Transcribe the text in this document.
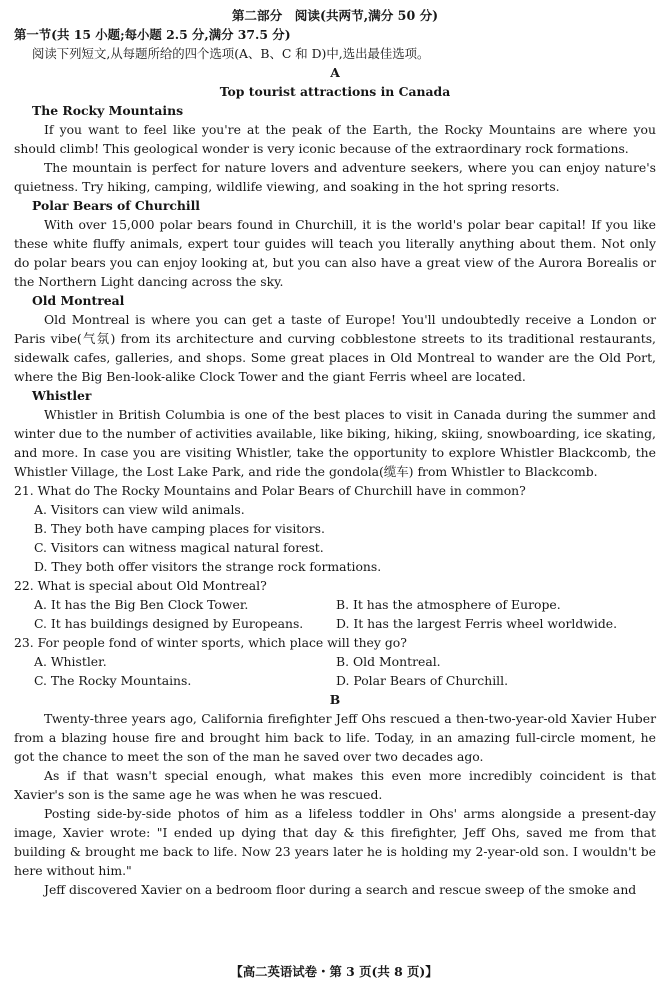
第二部分　阅读(共两节,满分 50 分)
第一节(共 15 小题;每小题 2.5 分,满分 37.5 分)
阅读下列短文,从每题所给的四个选项(A、B、C 和 D)中,选出最佳选项。
A
Top tourist attractions in Canada
The Rocky Mountains

If you want to feel like you're at the peak of the Earth, the Rocky Mountains are where you should climb! This geological wonder is very iconic because of the extraordinary rock formations.

The mountain is perfect for nature lovers and adventure seekers, where you can enjoy nature's quietness. Try hiking, camping, wildlife viewing, and soaking in the hot spring resorts.

Polar Bears of Churchill

With over 15,000 polar bears found in Churchill, it is the world's polar bear capital! If you like these white fluffy animals, expert tour guides will teach you literally anything about them. Not only do polar bears you can enjoy looking at, but you can also have a great view of the Aurora Borealis or the Northern Light dancing across the sky.

Old Montreal

Old Montreal is where you can get a taste of Europe! You'll undoubtedly receive a London or Paris vibe(气氛) from its architecture and curving cobblestone streets to its traditional restaurants, sidewalk cafes, galleries, and shops. Some great places in Old Montreal to wander are the Old Port, where the Big Ben-look-alike Clock Tower and the giant Ferris wheel are located.

Whistler

Whistler in British Columbia is one of the best places to visit in Canada during the summer and winter due to the number of activities available, like biking, hiking, skiing, snowboarding, ice skating, and more. In case you are visiting Whistler, take the opportunity to explore Whistler Blackcomb, the Whistler Village, the Lost Lake Park, and ride the gondola(缆车) from Whistler to Blackcomb.

21. What do The Rocky Mountains and Polar Bears of Churchill have in common?
A. Visitors can view wild animals.
B. They both have camping places for visitors.
C. Visitors can witness magical natural forest.
D. They both offer visitors the strange rock formations.
22. What is special about Old Montreal?
A. It has the Big Ben Clock Tower.	B. It has the atmosphere of Europe.
C. It has buildings designed by Europeans.	D. It has the largest Ferris wheel worldwide.
23. For people fond of winter sports, which place will they go?
A. Whistler.	B. Old Montreal.
C. The Rocky Mountains.	D. Polar Bears of Churchill.
B

Twenty-three years ago, California firefighter Jeff Ohs rescued a then-two-year-old Xavier Huber from a blazing house fire and brought him back to life. Today, in an amazing full-circle moment, he got the chance to meet the son of the man he saved over two decades ago.

As if that wasn't special enough, what makes this even more incredibly coincident is that Xavier's son is the same age he was when he was rescued.

Posting side-by-side photos of him as a lifeless toddler in Ohs' arms alongside a present-day image, Xavier wrote: "I ended up dying that day & this firefighter, Jeff Ohs, saved me from that building & brought me back to life. Now 23 years later he is holding my 2-year-old son. I wouldn't be here without him."

Jeff discovered Xavier on a bedroom floor during a search and rescue sweep of the smoke and

【高二英语试卷・第 3 页(共 8 页)】
